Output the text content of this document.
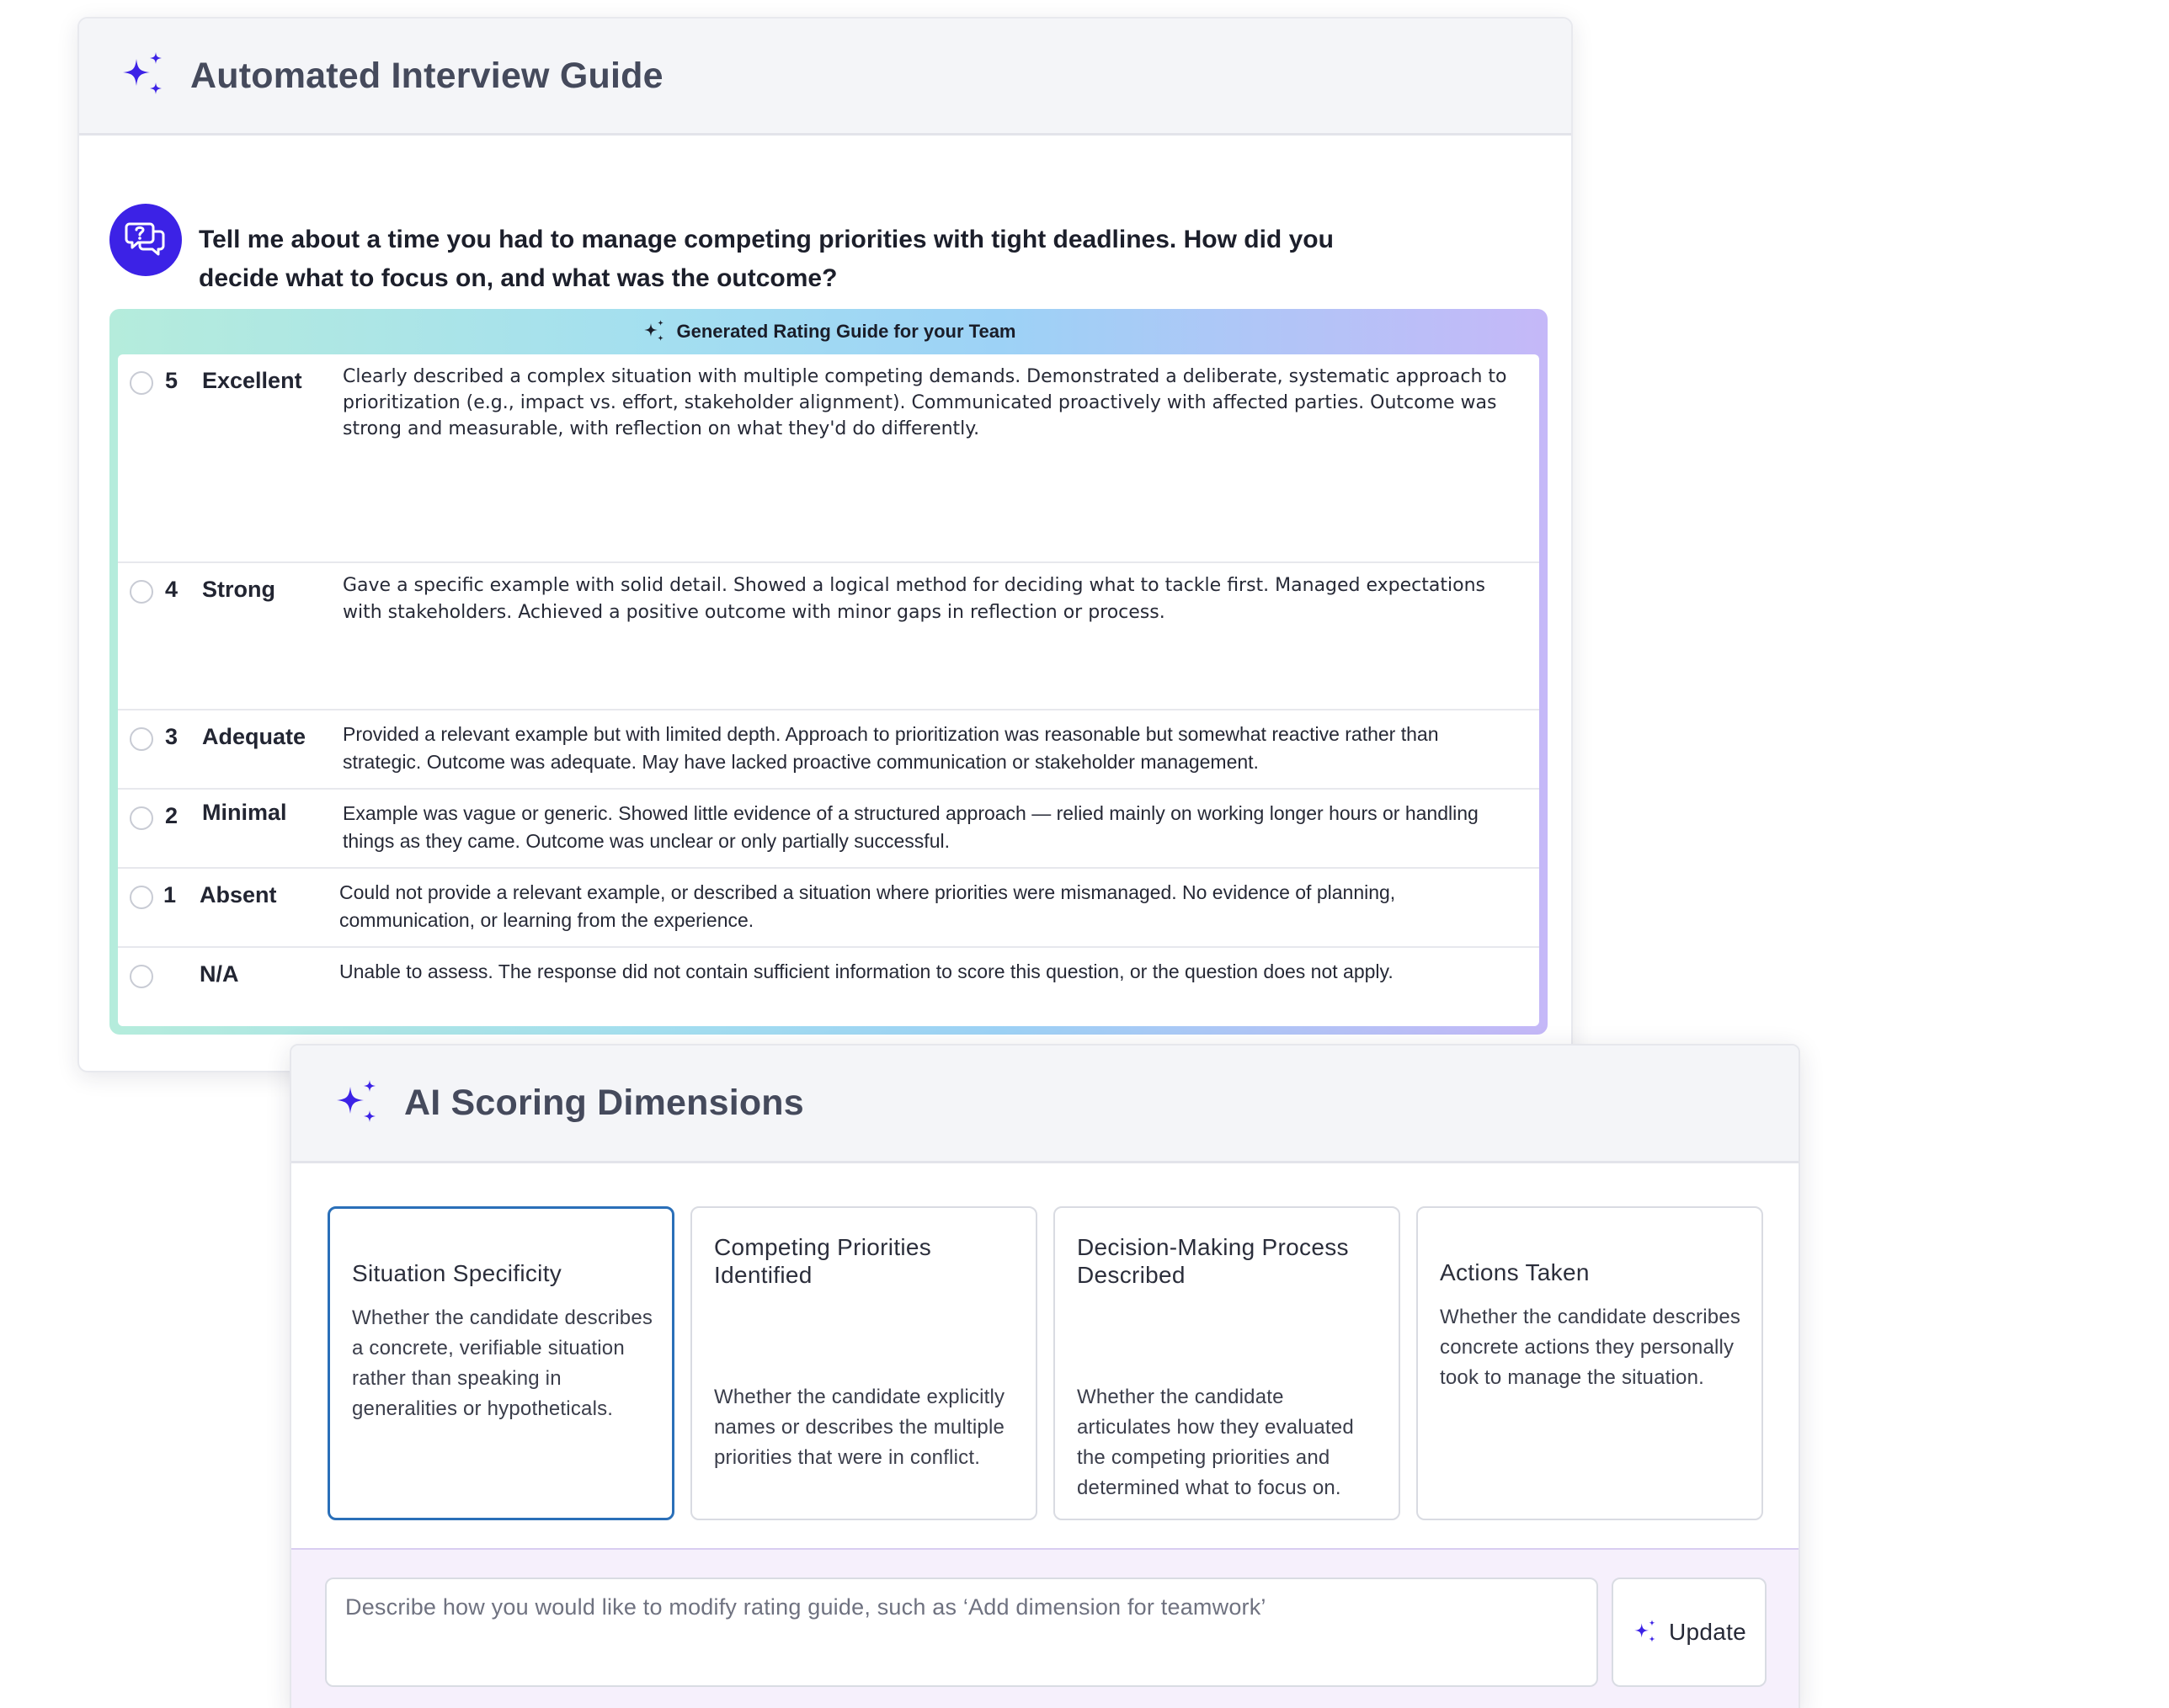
Automated Interview Guide

Tell me about a time you had to manage competing priorities with tight deadlines. How did you decide what to focus on, and what was the outcome?

Generated Rating Guide for your Team
5 Excellent Clearly described a complex situation with multiple competing demands. Demonstrated a deliberate, systematic approach to prioritization (e.g., impact vs. effort, stakeholder alignment). Communicated proactively with affected parties. Outcome was strong and measurable, with reflection on what they'd do differently.

4 Strong	Gave a specific example with solid detail. Showed a logical method for deciding what to tackle first. Managed expectations with stakeholders. Achieved a positive outcome with minor gaps in reflection or process.

3 Adequate Provided a relevant example but with limited depth. Approach to prioritization was reasonable but somewhat reactive rather than strategic. Outcome was adequate. May have lacked proactive communication or stakeholder management.

2 Minimal	Example was vague or generic. Showed little evidence of a structured approach — relied mainly on working longer hours or handling things as they came. Outcome was unclear or only partially successful.

1 Absent	Could not provide a relevant example, or described a situation where priorities were mismanaged. No evidence of planning, communication, or learning from the experience.

N/A	Unable to assess. The response did not contain sufficient information to score this question, or the question does not apply.

AI Scoring Dimensions
Situation Specificity
Whether the candidate describes a concrete, verifiable situation rather than speaking in generalities or hypotheticals.
Competing Priorities Identified
Whether the candidate explicitly names or describes the multiple priorities that were in conflict.
Decision-Making Process Described
Whether the candidate articulates how they evaluated the competing priorities and determined what to focus on.
Actions Taken
Whether the candidate describes concrete actions they personally took to manage the situation.
Describe how you would like to modify rating guide, such as ‘Add dimension for teamwork’
Update
